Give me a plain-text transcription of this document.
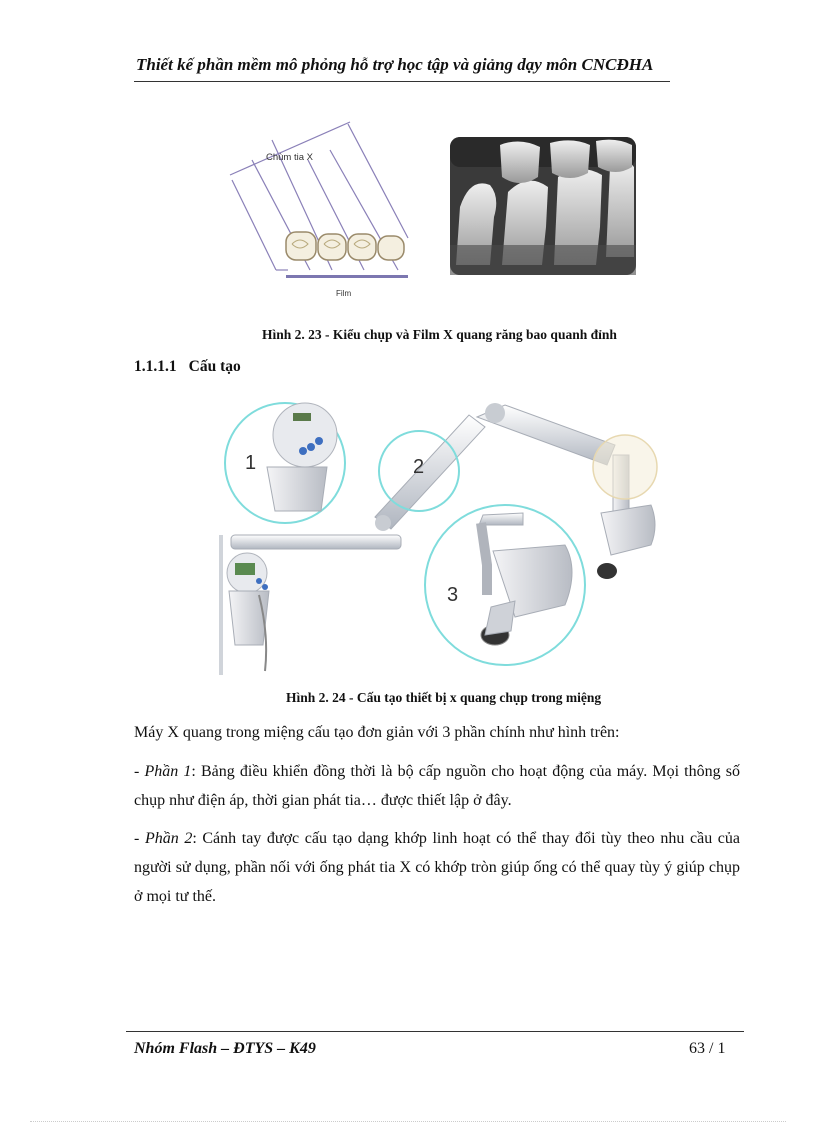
Thiết kế phần mềm mô phỏng hỗ trợ học tập và giảng dạy môn CNCĐHA
Chùm tia X
Film
Hình 2. 23 - Kiểu chụp và Film X quang răng bao quanh đỉnh
1.1.1.1 Cấu tạo
1	2
3
Hình 2. 24 - Cấu tạo thiết bị x quang chụp trong miệng
Máy X quang trong miệng cấu tạo đơn giản với 3 phần chính như hình trên:
- Phần 1: Bảng điều khiển đồng thời là bộ cấp nguồn cho hoạt động của máy. Mọi thông số chụp như điện áp, thời gian phát tia… được thiết lập ở đây.
- Phần 2: Cánh tay được cấu tạo dạng khớp linh hoạt có thể thay đổi tùy theo nhu cầu của người sử dụng, phần nối với ống phát tia X có khớp tròn giúp ống có thể quay tùy ý giúp chụp ở mọi tư thế.
Nhóm Flash – ĐTYS – K49	63 / 1
